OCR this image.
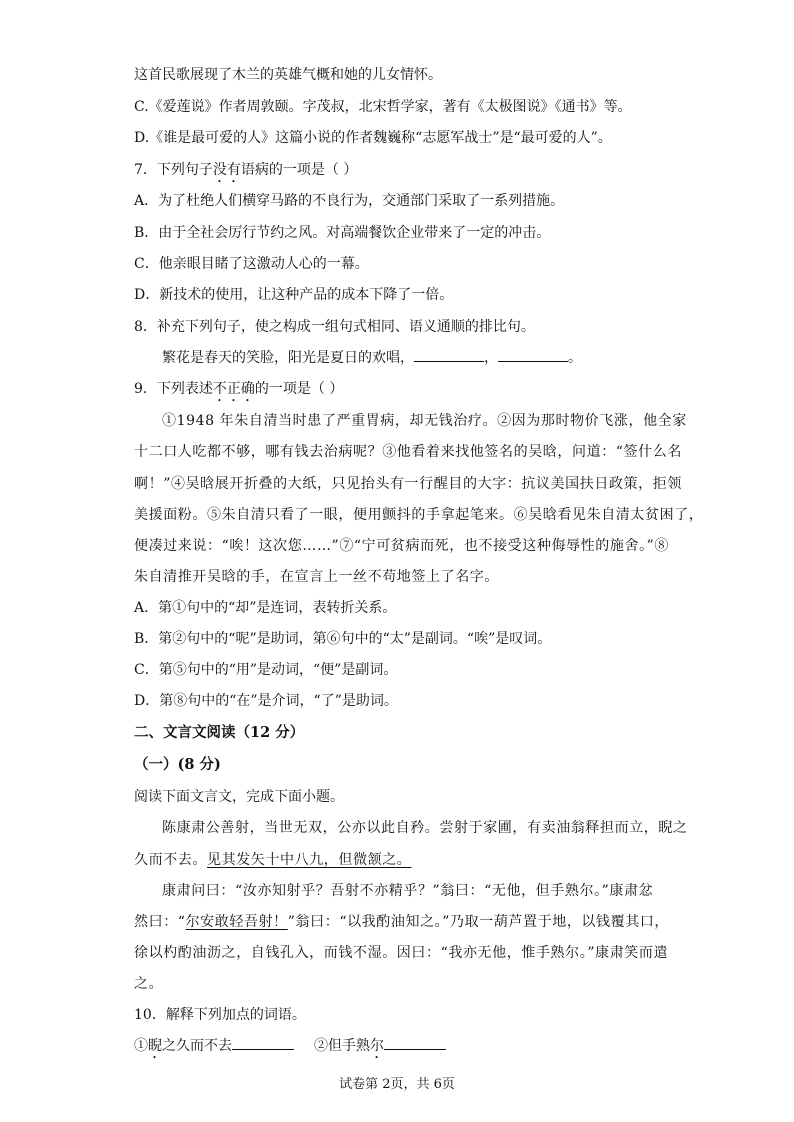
这首民歌展现了木兰的英雄气概和她的儿女情怀。
C.《爱莲说》作者周敦颐。字茂叔，北宋哲学家，著有《太极图说》《通书》等。
D.《谁是最可爱的人》这篇小说的作者魏巍称“志愿军战士”是“最可爱的人”。
7．下列句子没有语病的一项是（ ）
A．为了杜绝人们横穿马路的不良行为，交通部门采取了一系列措施。
B．由于全社会厉行节约之风。对高端餐饮企业带来了一定的冲击。
C．他亲眼目睹了这激动人心的一幕。
D．新技术的使用，让这种产品的成本下降了一倍。
8．补充下列句子，使之构成一组句式相同、语义通顺的排比句。
繁花是春天的笑脸，阳光是夏日的欢唱，	，	。
9．下列表述不正确的一项是（ ）
①1948 年朱自清当时患了严重胃病，却无钱治疗。②因为那时物价飞涨，他全家
十二口人吃都不够，哪有钱去治病呢？③他看着来找他签名的吴晗，问道：“签什么名
啊！”④吴晗展开折叠的大纸，只见抬头有一行醒目的大字：抗议美国扶日政策，拒领
美援面粉。⑤朱自清只看了一眼，便用颤抖的手拿起笔来。⑥吴晗看见朱自清太贫困了，
便凑过来说：“唉！这次您……”⑦“宁可贫病而死，也不接受这种侮辱性的施舍。”⑧
朱自清推开吴晗的手，在宣言上一丝不苟地签上了名字。
A．第①句中的“却”是连词，表转折关系。
B．第②句中的“呢”是助词，第⑥句中的“太”是副词。“唉”是叹词。
C．第⑤句中的“用”是动词，“便”是副词。
D．第⑧句中的“在”是介词，“了”是助词。
二、文言文阅读（12 分）
（一）(8 分)
阅读下面文言文，完成下面小题。
陈康肃公善射，当世无双，公亦以此自矜。尝射于家圃，有卖油翁释担而立，睨之
久而不去。见其发矢十中八九，但微颔之。
康肃问曰：“汝亦知射乎？吾射不亦精乎？”翁曰：“无他，但手熟尔。”康肃忿
然曰：“尔安敢轻吾射！”翁曰：“以我酌油知之。”乃取一葫芦置于地，以钱覆其口，
徐以杓酌油沥之，自钱孔入，而钱不湿。因曰：“我亦无他，惟手熟尔。”康肃笑而遣
之。
10．解释下列加点的词语。
①睨之久而不去	②但手熟尔
试卷第 2页，共 6页
